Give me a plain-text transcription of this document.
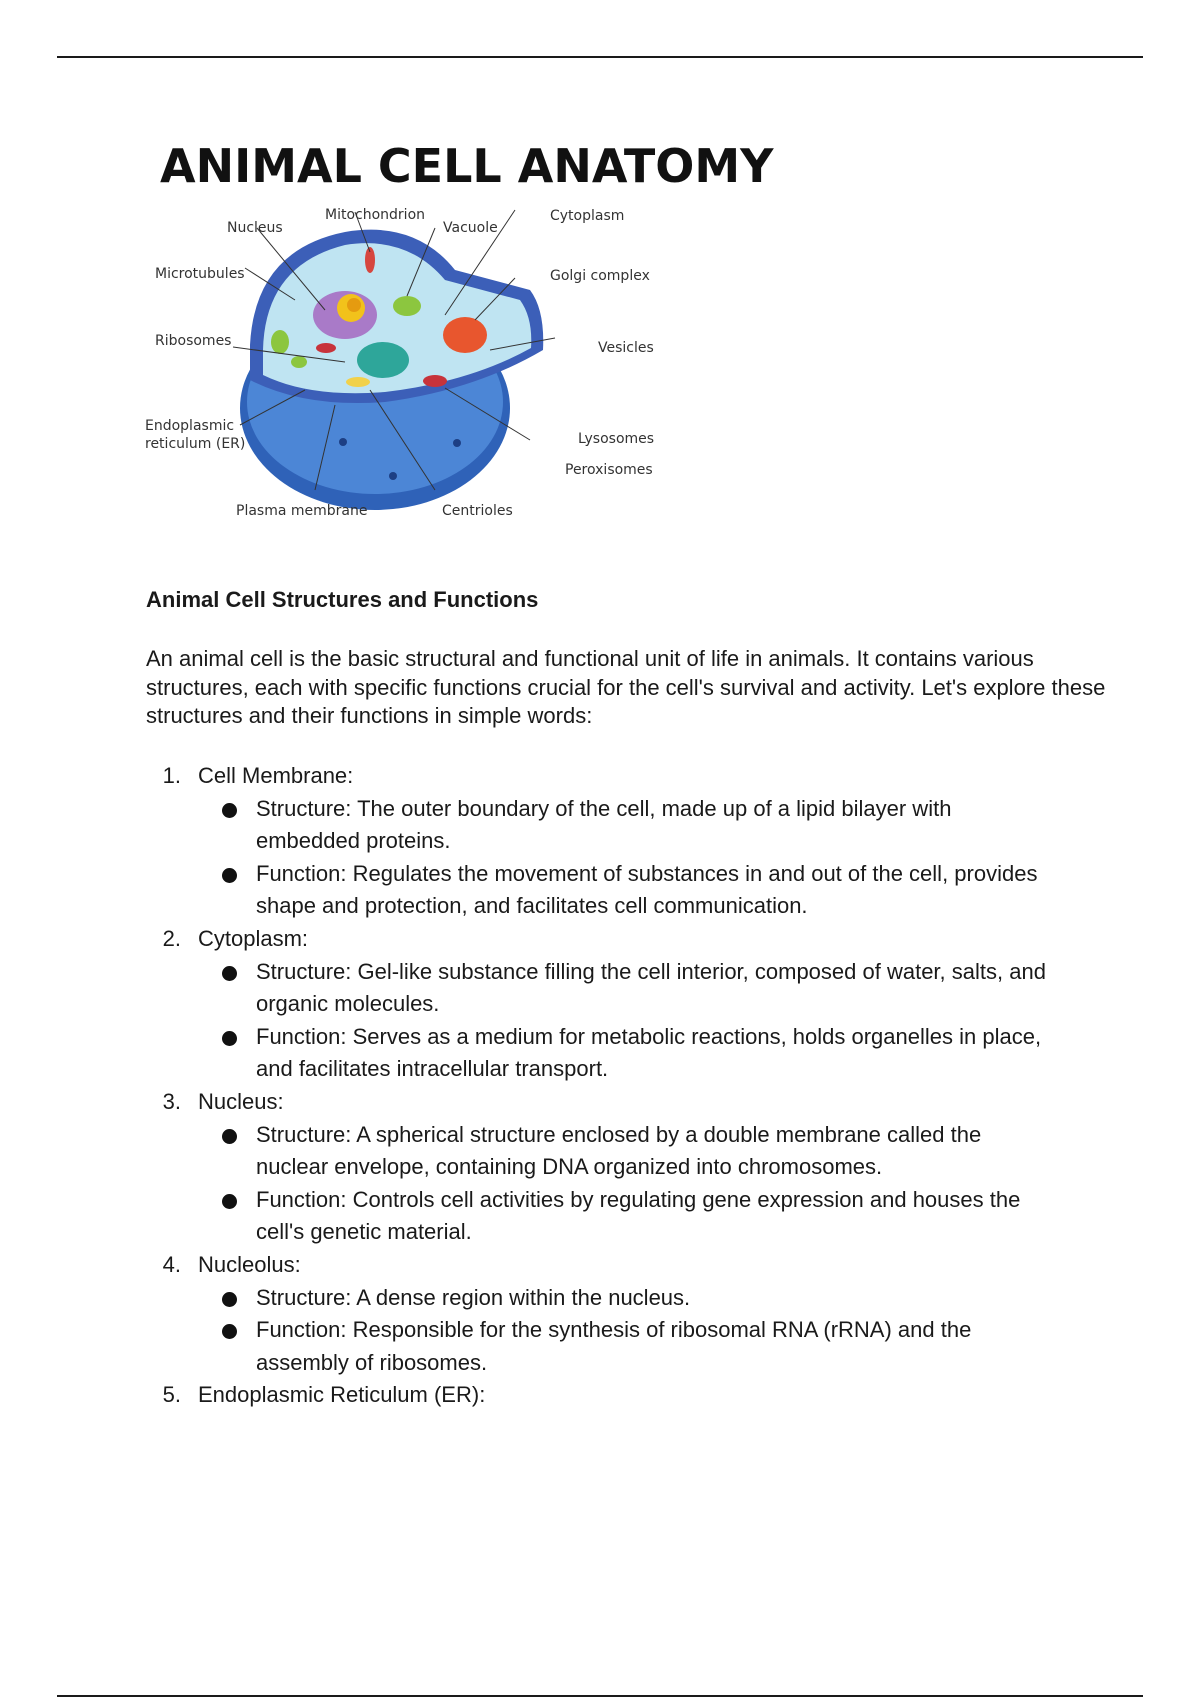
ANIMAL CELL ANATOMY
Nucleus
Mitochondrion
Vacuole
Cytoplasm
Microtubules	Golgi complex
Ribosomes	Vesicles
Endoplasmic
reticulum (ER)	Lysosomes
Peroxisomes
Plasma membrane	Centrioles
Animal Cell Structures and Functions

An animal cell is the basic structural and functional unit of life in animals. It contains various structures, each with specific functions crucial for the cell's survival and activity. Let's explore these structures and their functions in simple words:

1. Cell Membrane:
Structure: The outer boundary of the cell, made up of a lipid bilayer with embedded proteins.
Function: Regulates the movement of substances in and out of the cell, provides shape and protection, and facilitates cell communication.
2. Cytoplasm:
Structure: Gel-like substance filling the cell interior, composed of water, salts, and organic molecules.
Function: Serves as a medium for metabolic reactions, holds organelles in place, and facilitates intracellular transport.
3. Nucleus:
Structure: A spherical structure enclosed by a double membrane called the nuclear envelope, containing DNA organized into chromosomes.
Function: Controls cell activities by regulating gene expression and houses the cell's genetic material.
4. Nucleolus:
Structure: A dense region within the nucleus.
Function: Responsible for the synthesis of ribosomal RNA (rRNA) and the assembly of ribosomes.
5. Endoplasmic Reticulum (ER):
